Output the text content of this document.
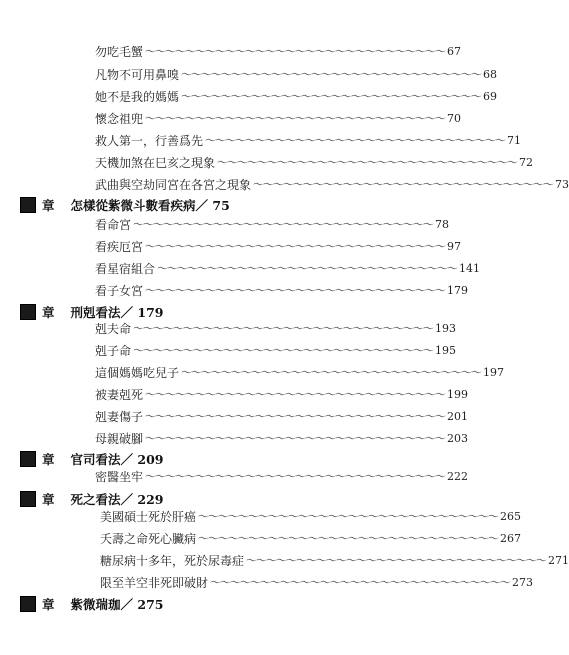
勿吃毛蟹 ～～～～～～～～～～～～～～～～～～～～～～～～～～～～～～ 67
凡物不可用鼻嗅 ～～～～～～～～～～～～～～～～～～～～～～～～～～～～～～ 68
她不是我的媽媽 ～～～～～～～～～～～～～～～～～～～～～～～～～～～～～～ 69
懷念祖兜 ～～～～～～～～～～～～～～～～～～～～～～～～～～～～～～ 70
救人第一，行善爲先 ～～～～～～～～～～～～～～～～～～～～～～～～～～～～～～ 71
天機加煞在巳亥之現象 ～～～～～～～～～～～～～～～～～～～～～～～～～～～～～～ 72
武曲與空劫同宮在各宮之現象 ～～～～～～～～～～～～～～～～～～～～～～～～～～～～～～ 73
章 怎樣從紫微斗數看疾病／ 75
看命宮 ～～～～～～～～～～～～～～～～～～～～～～～～～～～～～～ 78
看疾厄宮 ～～～～～～～～～～～～～～～～～～～～～～～～～～～～～～ 97
看星宿組合 ～～～～～～～～～～～～～～～～～～～～～～～～～～～～～～ 141
看子女宮 ～～～～～～～～～～～～～～～～～～～～～～～～～～～～～～ 179
章 刑剋看法／ 179
剋夫命 ～～～～～～～～～～～～～～～～～～～～～～～～～～～～～～ 193
剋子命 ～～～～～～～～～～～～～～～～～～～～～～～～～～～～～～ 195
這個媽媽吃兒子 ～～～～～～～～～～～～～～～～～～～～～～～～～～～～～～ 197
被妻剋死 ～～～～～～～～～～～～～～～～～～～～～～～～～～～～～～ 199
剋妻傷子 ～～～～～～～～～～～～～～～～～～～～～～～～～～～～～～ 201
母親破腳 ～～～～～～～～～～～～～～～～～～～～～～～～～～～～～～ 203
章 官司看法／ 209
密醫坐牢 ～～～～～～～～～～～～～～～～～～～～～～～～～～～～～～ 222
章 死之看法／ 229
美國碩士死於肝癌 ～～～～～～～～～～～～～～～～～～～～～～～～～～～～～～ 265
夭壽之命死心臟病 ～～～～～～～～～～～～～～～～～～～～～～～～～～～～～～ 267
糖尿病十多年，死於尿毒症 ～～～～～～～～～～～～～～～～～～～～～～～～～～～～～～ 271
限至羊空非死即破財 ～～～～～～～～～～～～～～～～～～～～～～～～～～～～～～ 273
章 紫微瑞珈／ 275
